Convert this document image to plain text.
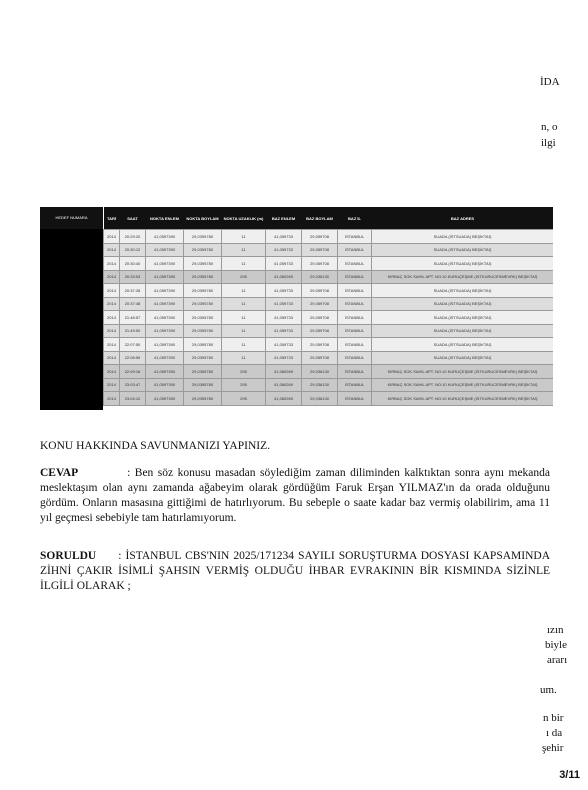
İDA
n, o
ilgi
TARİ	SAAT	NOKTA ENLEM	NOKTA BOYLAM	NOKTA UZAKLIK (m)	BAZ ENLEM	BAZ BOYLAM	BAZ İL	BAZ ADRES
2014	20:29:20	41,0597390	29,0395780	11	41,059733	29,059708	İSTANBUL	SUADA (İSTSUADA) BEŞİKTAŞ
2014	20:30:12	41,0597390	29,0395780	11	41,059733	29,059708	İSTANBUL	SUADA (İSTSUADA) BEŞİKTAŞ
2014	20:30:40	41,0597390	29,0395780	11	41,059733	29,059708	İSTANBUL	SUADA (İSTSUADA) BEŞİKTAŞ
2014	20:33:03	41,0597390	29,0395780	295	41,060269	29,036130	İSTANBUL	KIRBAÇ SOK SAHİL APT. NO:10 KURUÇEŞME (İSTKURUCESMEVRK) BEŞİKTAŞ
2014	20:37:28	41,0597390	29,0395780	11	41,059733	29,059708	İSTANBUL	SUADA (İSTSUADA) BEŞİKTAŞ
2014	20:37:48	41,0597390	29,0395780	11	41,059733	29,059708	İSTANBUL	SUADA (İSTSUADA) BEŞİKTAŞ
2014	21:48:57	41,0597390	29,0395780	11	41,059733	29,059708	İSTANBUL	SUADA (İSTSUADA) BEŞİKTAŞ
2014	21:49:50	41,0597390	29,0395780	11	41,059733	29,059708	İSTANBUL	SUADA (İSTSUADA) BEŞİKTAŞ
2014	22:07:50	41,0597390	29,0395780	11	41,059733	29,059708	İSTANBUL	SUADA (İSTSUADA) BEŞİKTAŞ
2014	22:08:59	41,0597390	29,0395780	11	41,059733	29,059708	İSTANBUL	SUADA (İSTSUADA) BEŞİKTAŞ
2014	22:09:16	41,0597390	29,0395780	295	41,060269	29,036130	İSTANBUL	KIRBAÇ SOK SAHİL APT. NO:10 KURUÇEŞME (İSTKURUCESMEVRK) BEŞİKTAŞ
2014	23:03:47	41,0597390	29,0395780	295	41,060269	29,036130	İSTANBUL	KIRBAÇ SOK SAHİL APT. NO:10 KURUÇEŞME (İSTKURUCESMEVRK) BEŞİKTAŞ
2014	23:04:12	41,0597390	29,0395780	295	41,060269	29,036130	İSTANBUL	KIRBAÇ SOK SAHİL APT. NO:10 KURUÇEŞME (İSTKURUCESMEVRK) BEŞİKTAŞ
HEDEF NUMARA
KONU HAKKINDA SAVUNMANIZI YAPINIZ.
CEVAP	: Ben söz konusu masadan söylediğim zaman diliminden kalktıktan sonra aynı mekanda meslektaşım olan aynı zamanda ağabeyim olarak gördüğüm Faruk Erşan YILMAZ'ın da orada olduğunu gördüm. Onların masasına gittiğimi de hatırlıyorum. Bu sebeple o saate kadar baz vermiş olabilirim, ama 11 yıl geçmesi sebebiyle tam hatırlamıyorum.
SORULDU : İSTANBUL CBS'NIN 2025/171234 SAYILI SORUŞTURMA DOSYASI KAPSAMINDA ZİHNİ ÇAKIR İSİMLİ ŞAHSIN VERMİŞ OLDUĞU İHBAR EVRAKININ BİR KISMINDA SİZİNLE İLGİLİ OLARAK ;
ızın
biyle
ararı
um.
n bir
ı da
şehir
3/11
